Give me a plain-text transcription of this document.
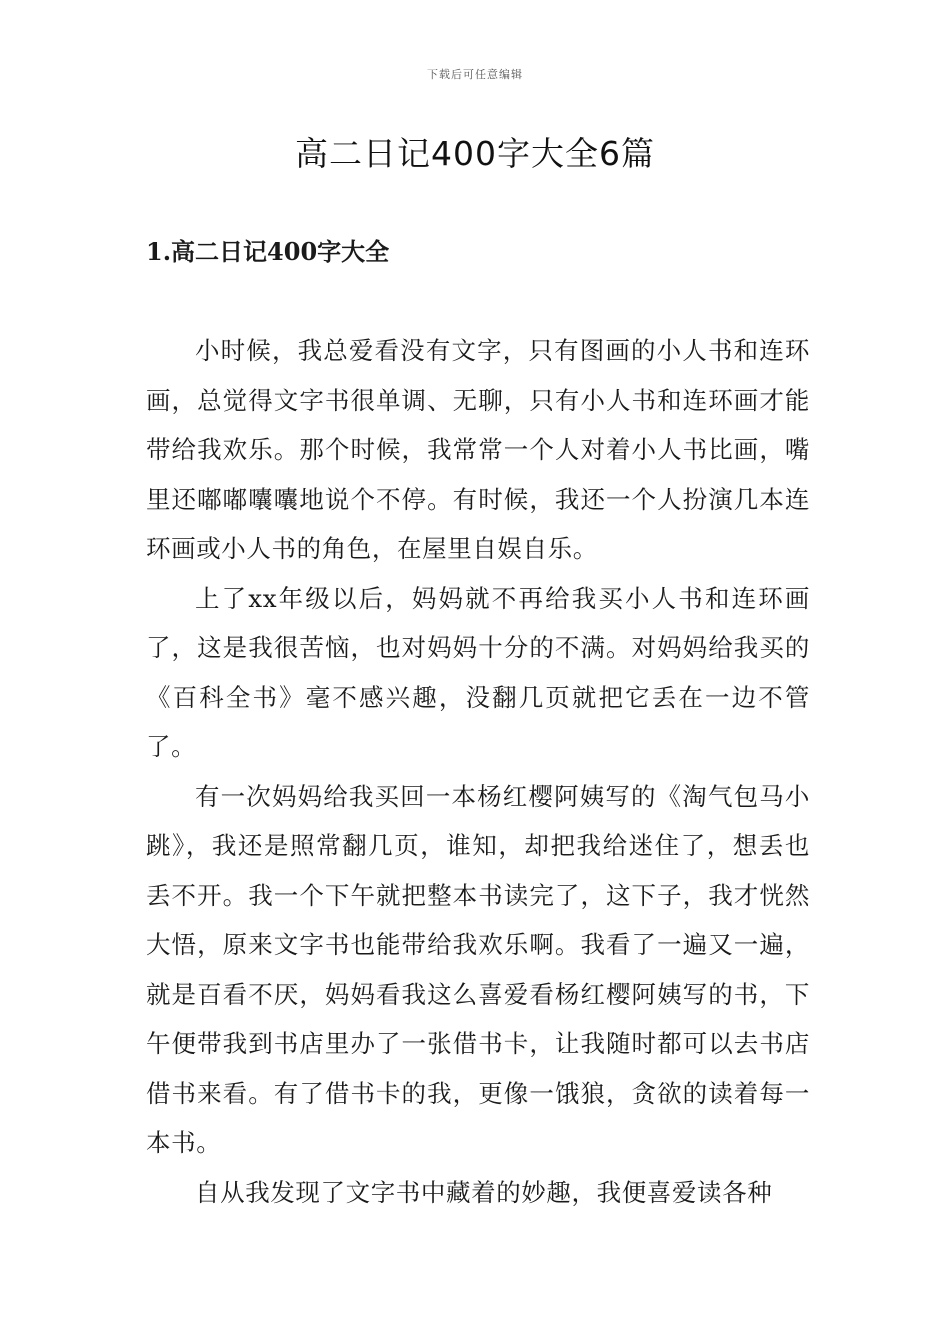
下载后可任意编辑
高二日记400字大全6篇
1.高二日记400字大全

小时候，我总爱看没有文字，只有图画的小人书和连环画，总觉得文字书很单调、无聊，只有小人书和连环画才能带给我欢乐。那个时候，我常常一个人对着小人书比画，嘴里还嘟嘟囔囔地说个不停。有时候，我还一个人扮演几本连环画或小人书的角色，在屋里自娱自乐。

上了xx年级以后，妈妈就不再给我买小人书和连环画了，这是我很苦恼，也对妈妈十分的不满。对妈妈给我买的《百科全书》毫不感兴趣，没翻几页就把它丢在一边不管了。

有一次妈妈给我买回一本杨红樱阿姨写的《淘气包马小跳》，我还是照常翻几页，谁知，却把我给迷住了，想丢也丢不开。我一个下午就把整本书读完了，这下子，我才恍然大悟，原来文字书也能带给我欢乐啊。我看了一遍又一遍，就是百看不厌，妈妈看我这么喜爱看杨红樱阿姨写的书，下午便带我到书店里办了一张借书卡，让我随时都可以去书店借书来看。有了借书卡的我，更像一饿狼，贪欲的读着每一本书。

自从我发现了文字书中藏着的妙趣，我便喜爱读各种
